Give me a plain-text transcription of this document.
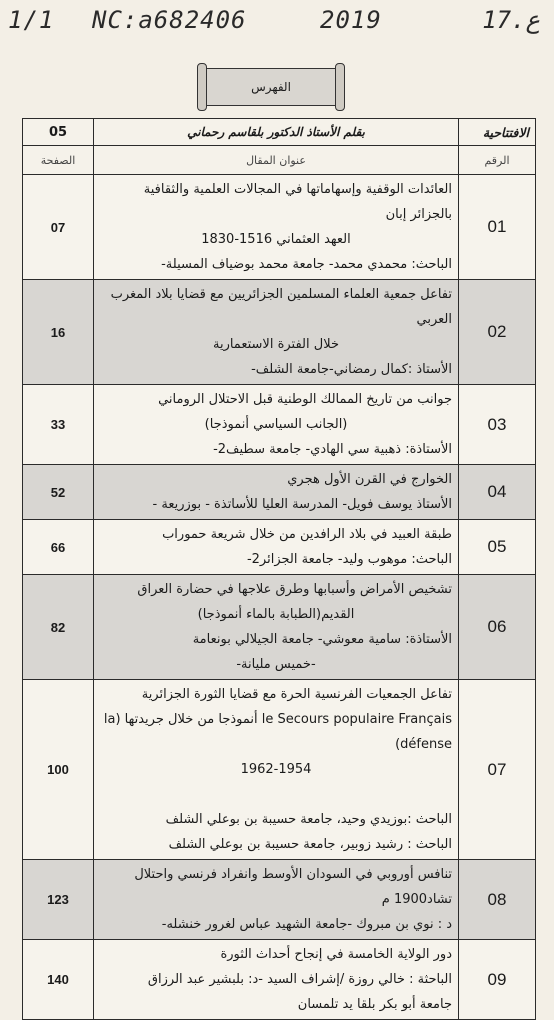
1/1 NC:a682406	2019	17.ع
الفهرس
الافتتاحية	بقلم الأستاذ الدكتور بلقاسم رحماني	05
الرقم	عنوان المقال	الصفحة
01	العائدات الوقفية وإسهاماتها في المجالات العلمية والثقافية بالجزائر إبان
العهد العثماني 1516-1830
الباحث: محمدي محمد- جامعة محمد بوضياف المسيلة-	07
02	تفاعل جمعية العلماء المسلمين الجزائريين مع قضايا بلاد المغرب العربي
خلال الفترة الاستعمارية
الأستاذ :كمال رمضاني-جامعة الشلف-	16
03	جوانب من تاريخ الممالك الوطنية قبل الاحتلال الروماني
(الجانب السياسي أنموذجا)
الأستاذة: ذهبية سي الهادي- جامعة سطيف2-	33
04	الخوارج في القرن الأول هجري
الأستاذ يوسف فويل- المدرسة العليا للأساتذة - بوزريعة -	52
05	طبقة العبيد في بلاد الرافدين من خلال شريعة حموراب
الباحث: موهوب وليد- جامعة الجزائر2-	66
06	تشخيص الأمراض وأسبابها وطرق علاجها في حضارة العراق
القديم(الطبابة بالماء أنموذجا)
الأستاذة: سامية معوشي- جامعة الجيلالي بونعامة
-خميس مليانة-	82
07	تفاعل الجمعيات الفرنسية الحرة مع قضايا الثورة الجزائرية
le Secours populaire Français أنموذجا من خلال جريدتها (la défense)
1962-1954

الباحث :بوزيدي وحيد، جامعة حسيبة بن بوعلي الشلف
الباحث : رشيد زوبير، جامعة حسيبة بن بوعلي الشلف	100
08	تنافس أوروبي في السودان الأوسط وانفراد فرنسي واحتلال تشاد1900 م
د : نوي بن مبروك -جامعة الشهيد عباس لغرور خنشله-	123
09	دور الولاية الخامسة في إنجاح أحداث الثورة
الباحثة : خالي روزة /إشراف السيد -د: بلبشير عبد الرزاق
جامعة أبو بكر بلقا يد تلمسان	140
